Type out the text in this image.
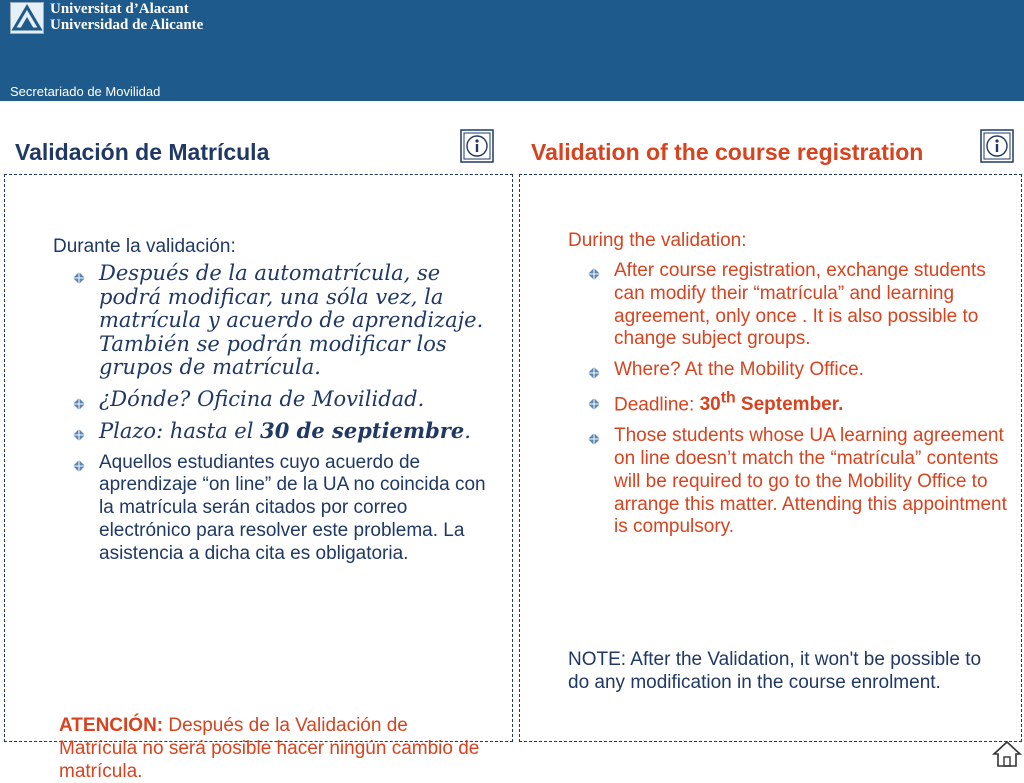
Universitat d’Alacant
Universidad de Alicante
Secretariado de Movilidad
Validación de Matrícula	Validation of the course registration
Durante la validación:
Después de la automatrícula, se podrá modificar, una sóla vez, la matrícula y acuerdo de aprendizaje. También se podrán modificar los grupos de matrícula.
¿Dónde? Oficina de Movilidad.
Plazo: hasta el 30 de septiembre.
Aquellos estudiantes cuyo acuerdo de aprendizaje “on line” de la UA no coincida con la matrícula serán citados por correo electrónico para resolver este problema. La asistencia a dicha cita es obligatoria.
ATENCIÓN: Después de la Validación de Matrícula no será posible hacer ningún cambio de matrícula.
During the validation:
After course registration, exchange students can modify their “matrícula” and learning agreement, only once . It is also possible to change subject groups.
Where? At the Mobility Office.
Deadline: 30th September.
Those students whose UA learning agreement on line doesn’t match the “matrícula” contents will be required to go to the Mobility Office to arrange this matter. Attending this appointment is compulsory.
NOTE: After the Validation, it won't be possible to do any modification in the course enrolment.
